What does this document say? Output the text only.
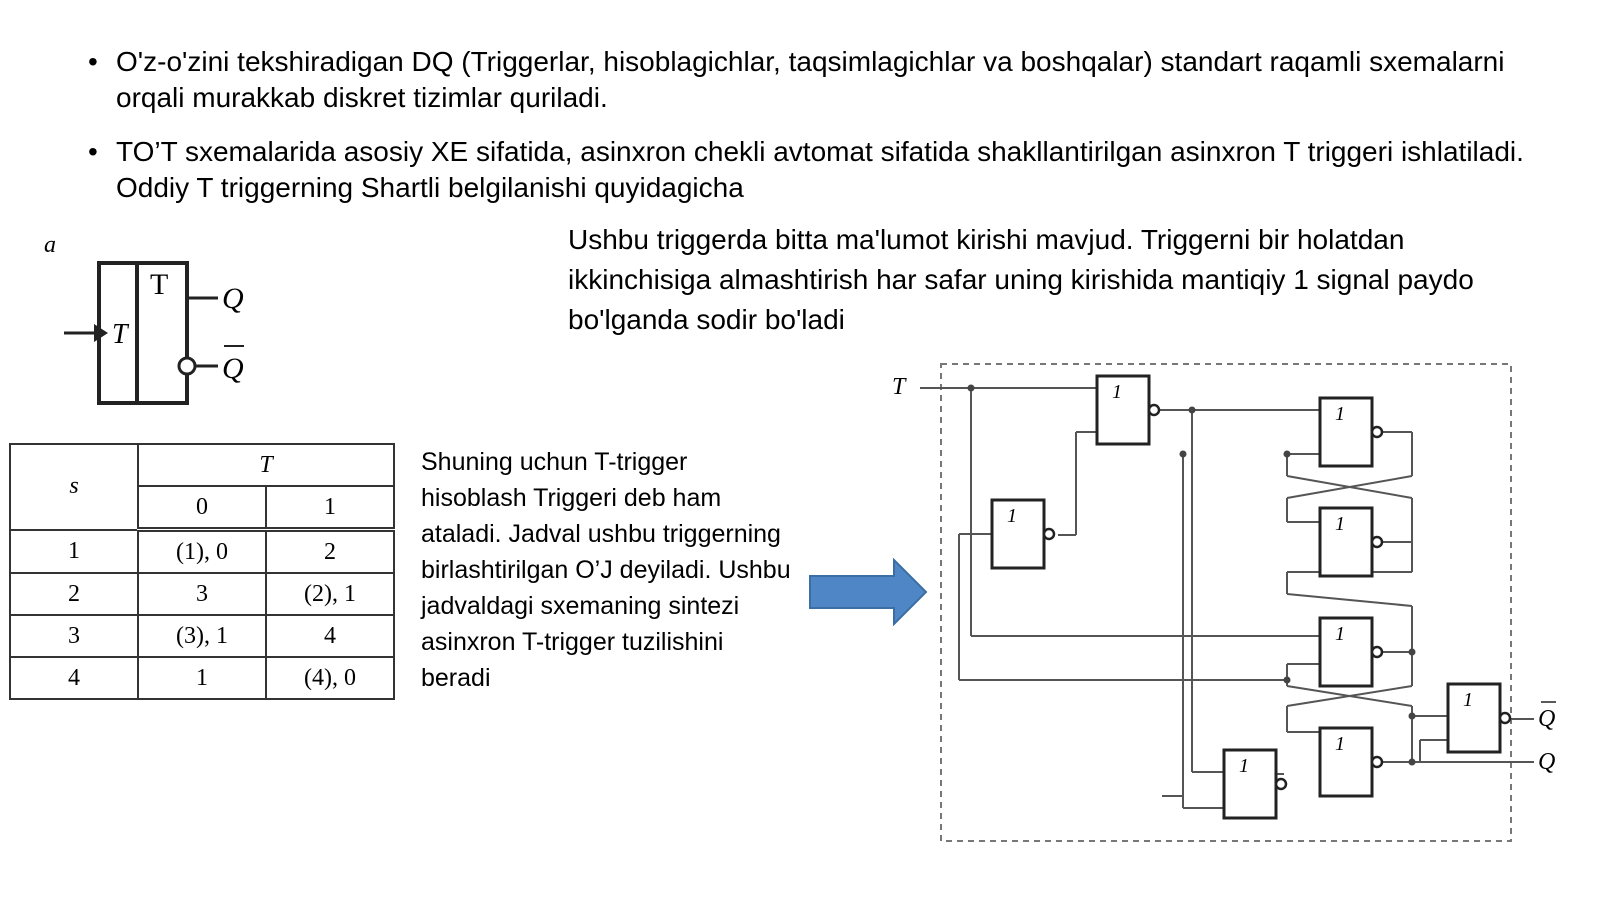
• O'z-o'zini tekshiradigan DQ (Triggerlar, hisoblagichlar, taqsimlagichlar va boshqalar) standart raqamli sxemalarni orqali murakkab diskret tizimlar quriladi.
• TO’T sxemalarida asosiy XE sifatida, asinxron chekli avtomat sifatida shakllantirilgan asinxron T triggeri ishlatiladi. Oddiy T triggerning Shartli belgilanishi quyidagicha

Ushbu triggerda bitta ma'lumot kirishi mavjud. Triggerni bir holatdan ikkinchisiga almashtirish har safar uning kirishida mantiqiy 1 signal paydo bo'lganda sodir bo'ladi

a
T
T
Q
Q
s	T	
	0	1
1	(1), 0	2
2	3	(2), 1
3	(3), 1	4
4	1	(4), 0

Shuning uchun T-trigger hisoblash Triggeri deb ham ataladi. Jadval ushbu triggerning birlashtirilgan O’J deyiladi. Ushbu jadvaldagi sxemaning sintezi asinxron T-trigger tuzilishini beradi

1
1
1
1
1
1
1
1
T
Q
Q
